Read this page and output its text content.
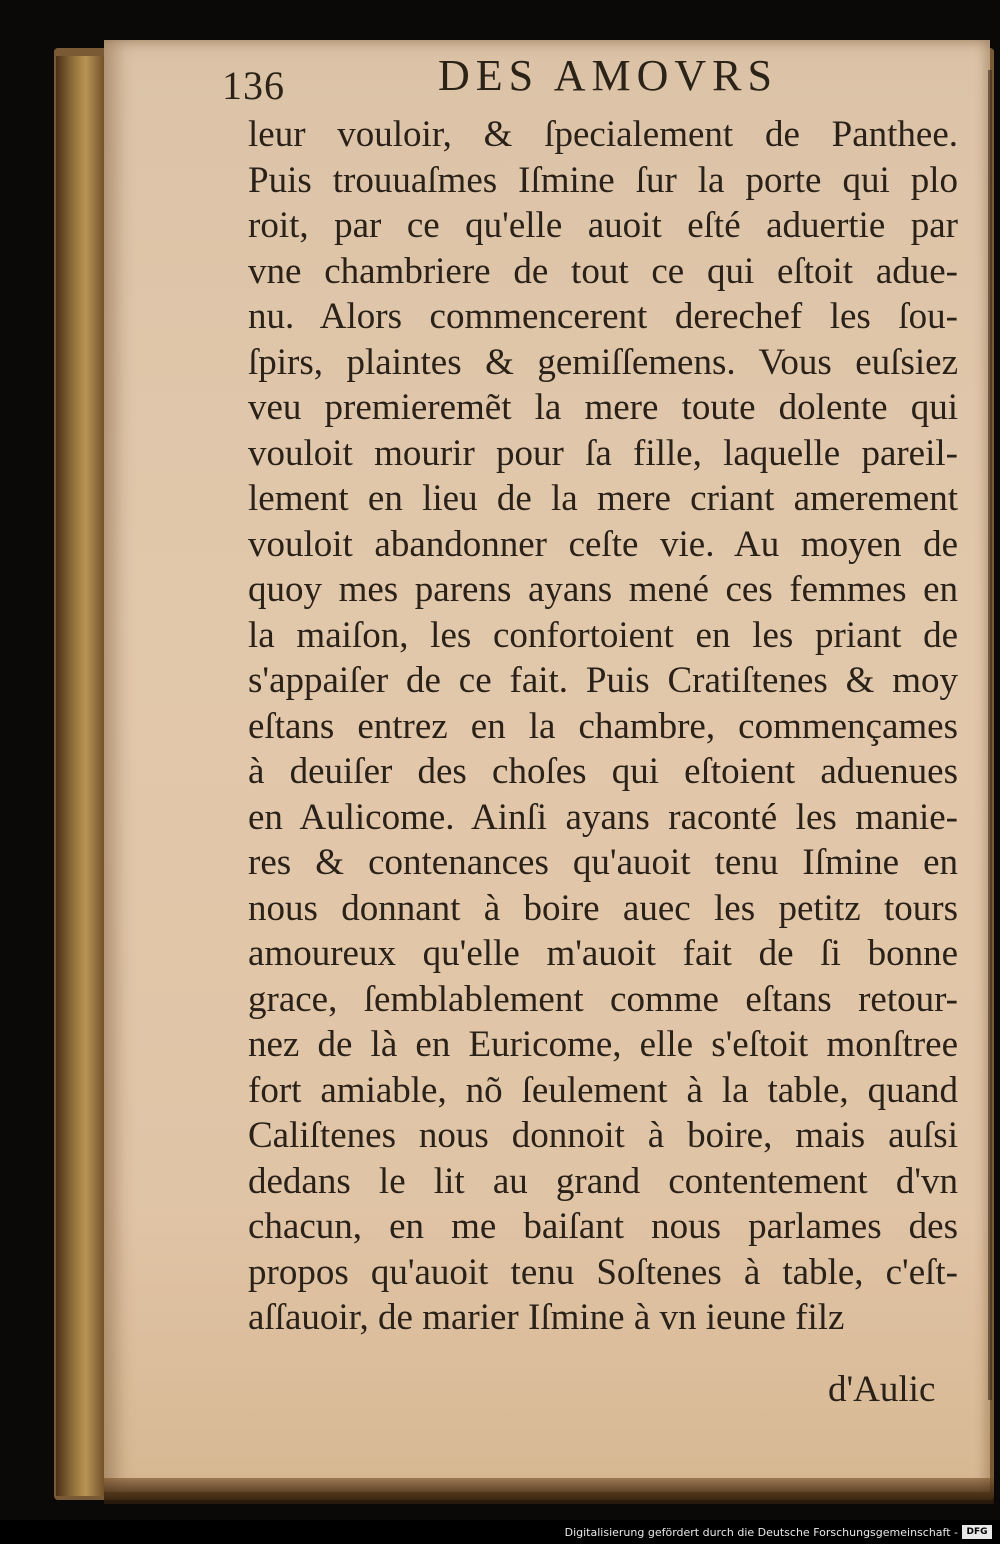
136	DES AMOVRS
leur vouloir, & ſpecialement de Panthee.
Puis trouuaſmes Iſmine ſur la porte qui plo
roit, par ce qu'elle auoit eſté aduertie par
vne chambriere de tout ce qui eſtoit adue-
nu. Alors commencerent derechef les ſou-
ſpirs, plaintes & gemiſſemens. Vous euſsiez
veu premieremẽt la mere toute dolente qui
vouloit mourir pour ſa fille, laquelle pareil-
lement en lieu de la mere criant amerement
vouloit abandonner ceſte vie. Au moyen de
quoy mes parens ayans mené ces femmes en
la maiſon, les confortoient en les priant de
s'appaiſer de ce fait. Puis Cratiſtenes & moy
eſtans entrez en la chambre, commençames
à deuiſer des choſes qui eſtoient aduenues
en Aulicome. Ainſi ayans raconté les manie-
res & contenances qu'auoit tenu Iſmine en
nous donnant à boire auec les petitz tours
amoureux qu'elle m'auoit fait de ſi bonne
grace, ſemblablement comme eſtans retour-
nez de là en Euricome, elle s'eſtoit monſtree
fort amiable, nõ ſeulement à la table, quand
Caliſtenes nous donnoit à boire, mais auſsi
dedans le lit au grand contentement d'vn
chacun, en me baiſant nous parlames des
propos qu'auoit tenu Soſtenes à table, c'eſt-
aſſauoir, de marier Iſmine à vn ieune filz
d'Aulic
Digitalisierung gefördert durch die Deutsche Forschungsgemeinschaft - DFG
